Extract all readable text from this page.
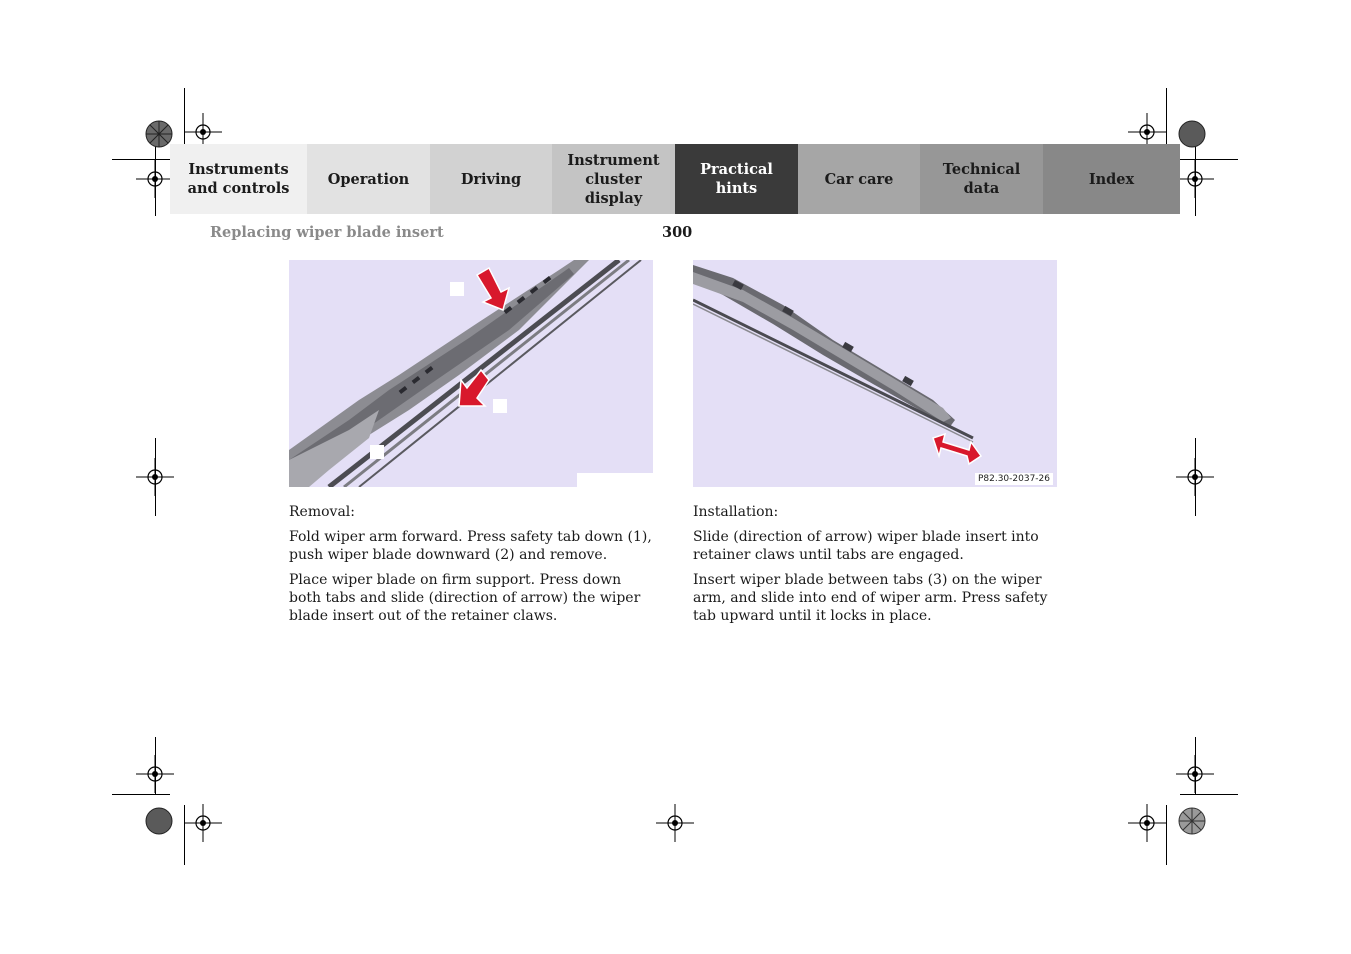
Instruments
and controls
Operation	Driving
Instrument
cluster display
Practical hints
Car care
Technical
data
Index
Replacing wiper blade insert	300
P82.30-2037-26

Removal:

Fold wiper arm forward. Press safety tab down (1), push wiper blade downward (2) and remove.

Place wiper blade on firm support. Press down both tabs and slide (direction of arrow) the wiper blade insert out of the retainer claws.

Installation:

Slide (direction of arrow) wiper blade insert into retainer claws until tabs are engaged.

Insert wiper blade between tabs (3) on the wiper arm, and slide into end of wiper arm. Press safety tab upward until it locks in place.
